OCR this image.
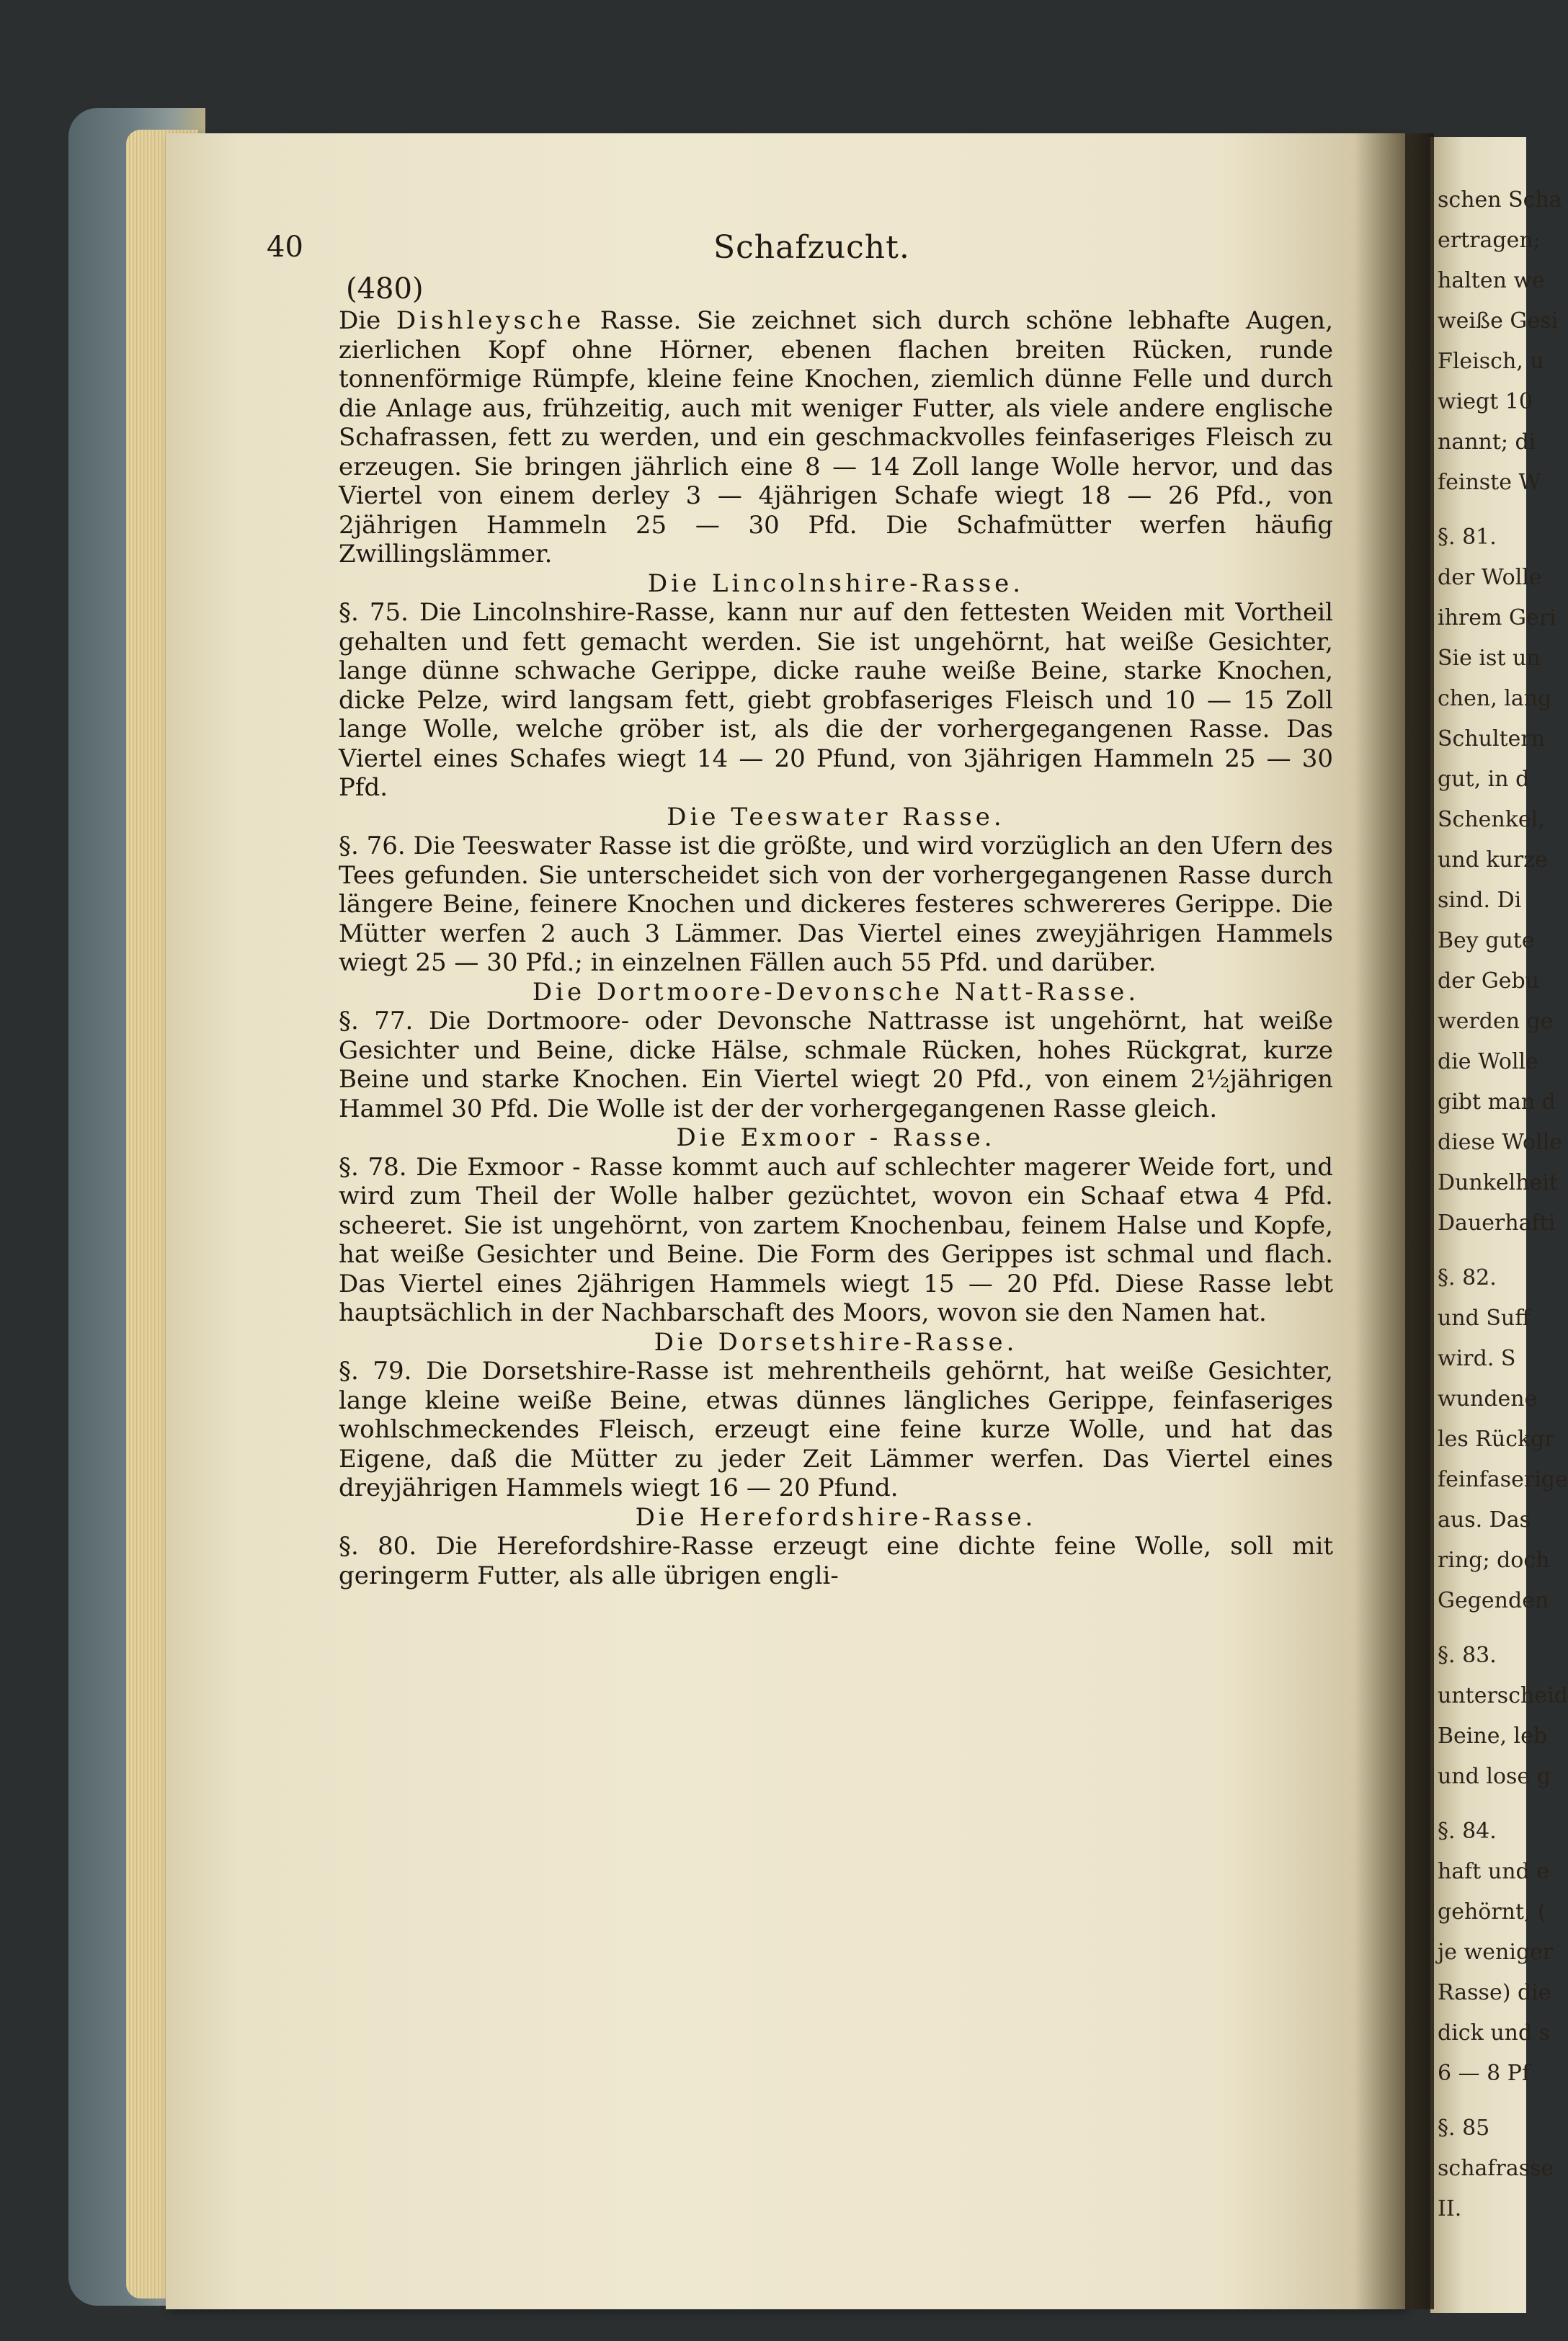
schen Scha
ertragen;
halten we
weiße Gesi
Fleisch, u
wiegt 10
nannt; di
feinste W
§. 81.
der Wolle
ihrem Geri
Sie ist un
chen, lang
Schultern
gut, in d
Schenkel,
und kurze
sind. Di
Bey gute
der Gebu
werden ge
die Wolle
gibt man d
diese Wolle
Dunkelheit
Dauerhafti
§. 82.
und Suff
wird. S
wundene
les Rückgr
feinfaserige
aus. Das
ring; doch
Gegenden
§. 83.
unterscheid
Beine, leb
und lose g
§. 84.
haft und e
gehörnt, (
je weniger
Rasse) die
dick und s
6 — 8 Pf
§. 85
schafrasse
II.
40	Schafzucht.
(480)

Die Dishleysche Rasse. Sie zeichnet sich durch schöne lebhafte Augen, zierlichen Kopf ohne Hörner, ebenen flachen breiten Rücken, runde tonnenförmige Rümpfe, kleine feine Knochen, ziemlich dünne Felle und durch die Anlage aus, frühzeitig, auch mit weniger Futter, als viele andere englische Schafrassen, fett zu werden, und ein geschmackvolles feinfaseriges Fleisch zu erzeugen. Sie bringen jährlich eine 8 — 14 Zoll lange Wolle hervor, und das Viertel von einem derley 3 — 4jährigen Schafe wiegt 18 — 26 Pfd., von 2jährigen Hammeln 25 — 30 Pfd. Die Schafmütter werfen häufig Zwillingslämmer.

Die Lincolnshire-Rasse.

§. 75. Die Lincolnshire-Rasse, kann nur auf den fettesten Weiden mit Vortheil gehalten und fett gemacht werden. Sie ist ungehörnt, hat weiße Gesichter, lange dünne schwache Gerippe, dicke rauhe weiße Beine, starke Knochen, dicke Pelze, wird langsam fett, giebt grobfaseriges Fleisch und 10 — 15 Zoll lange Wolle, welche gröber ist, als die der vorhergegangenen Rasse. Das Viertel eines Schafes wiegt 14 — 20 Pfund, von 3jährigen Hammeln 25 — 30 Pfd.

Die Teeswater Rasse.

§. 76. Die Teeswater Rasse ist die größte, und wird vorzüglich an den Ufern des Tees gefunden. Sie unterscheidet sich von der vorhergegangenen Rasse durch längere Beine, feinere Knochen und dickeres festeres schwereres Gerippe. Die Mütter werfen 2 auch 3 Lämmer. Das Viertel eines zweyjährigen Hammels wiegt 25 — 30 Pfd.; in einzelnen Fällen auch 55 Pfd. und darüber.

Die Dortmoore-Devonsche Natt-Rasse.

§. 77. Die Dortmoore- oder Devonsche Nattrasse ist ungehörnt, hat weiße Gesichter und Beine, dicke Hälse, schmale Rücken, hohes Rückgrat, kurze Beine und starke Knochen. Ein Viertel wiegt 20 Pfd., von einem 2½jährigen Hammel 30 Pfd. Die Wolle ist der der vorhergegangenen Rasse gleich.

Die Exmoor - Rasse.

§. 78. Die Exmoor - Rasse kommt auch auf schlechter magerer Weide fort, und wird zum Theil der Wolle halber gezüchtet, wovon ein Schaaf etwa 4 Pfd. scheeret. Sie ist ungehörnt, von zartem Knochenbau, feinem Halse und Kopfe, hat weiße Gesichter und Beine. Die Form des Gerippes ist schmal und flach. Das Viertel eines 2jährigen Hammels wiegt 15 — 20 Pfd. Diese Rasse lebt hauptsächlich in der Nachbarschaft des Moors, wovon sie den Namen hat.

Die Dorsetshire-Rasse.

§. 79. Die Dorsetshire-Rasse ist mehrentheils gehörnt, hat weiße Gesichter, lange kleine weiße Beine, etwas dünnes längliches Gerippe, feinfaseriges wohlschmeckendes Fleisch, erzeugt eine feine kurze Wolle, und hat das Eigene, daß die Mütter zu jeder Zeit Lämmer werfen. Das Viertel eines dreyjährigen Hammels wiegt 16 — 20 Pfund.

Die Herefordshire-Rasse.

§. 80. Die Herefordshire-Rasse erzeugt eine dichte feine Wolle, soll mit geringerm Futter, als alle übrigen engli-
